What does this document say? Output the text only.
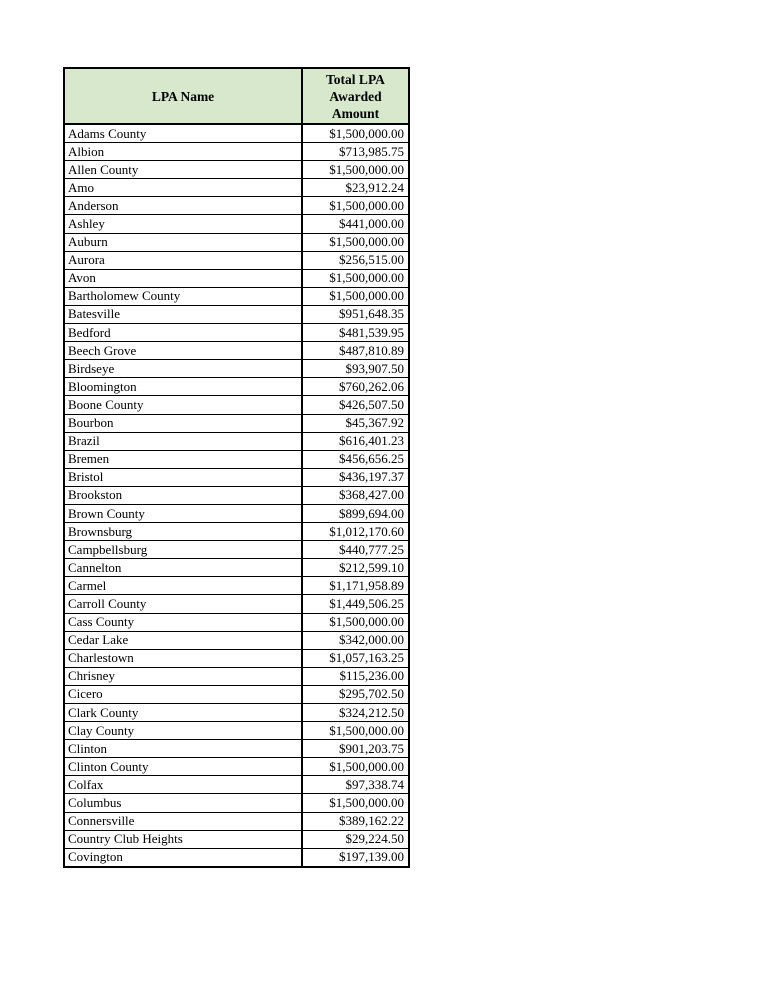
LPA Name	Total LPA Awarded Amount
Adams County	$1,500,000.00
Albion	$713,985.75
Allen County	$1,500,000.00
Amo	$23,912.24
Anderson	$1,500,000.00
Ashley	$441,000.00
Auburn	$1,500,000.00
Aurora	$256,515.00
Avon	$1,500,000.00
Bartholomew County	$1,500,000.00
Batesville	$951,648.35
Bedford	$481,539.95
Beech Grove	$487,810.89
Birdseye	$93,907.50
Bloomington	$760,262.06
Boone County	$426,507.50
Bourbon	$45,367.92
Brazil	$616,401.23
Bremen	$456,656.25
Bristol	$436,197.37
Brookston	$368,427.00
Brown County	$899,694.00
Brownsburg	$1,012,170.60
Campbellsburg	$440,777.25
Cannelton	$212,599.10
Carmel	$1,171,958.89
Carroll County	$1,449,506.25
Cass County	$1,500,000.00
Cedar Lake	$342,000.00
Charlestown	$1,057,163.25
Chrisney	$115,236.00
Cicero	$295,702.50
Clark County	$324,212.50
Clay County	$1,500,000.00
Clinton	$901,203.75
Clinton County	$1,500,000.00
Colfax	$97,338.74
Columbus	$1,500,000.00
Connersville	$389,162.22
Country Club Heights	$29,224.50
Covington	$197,139.00
